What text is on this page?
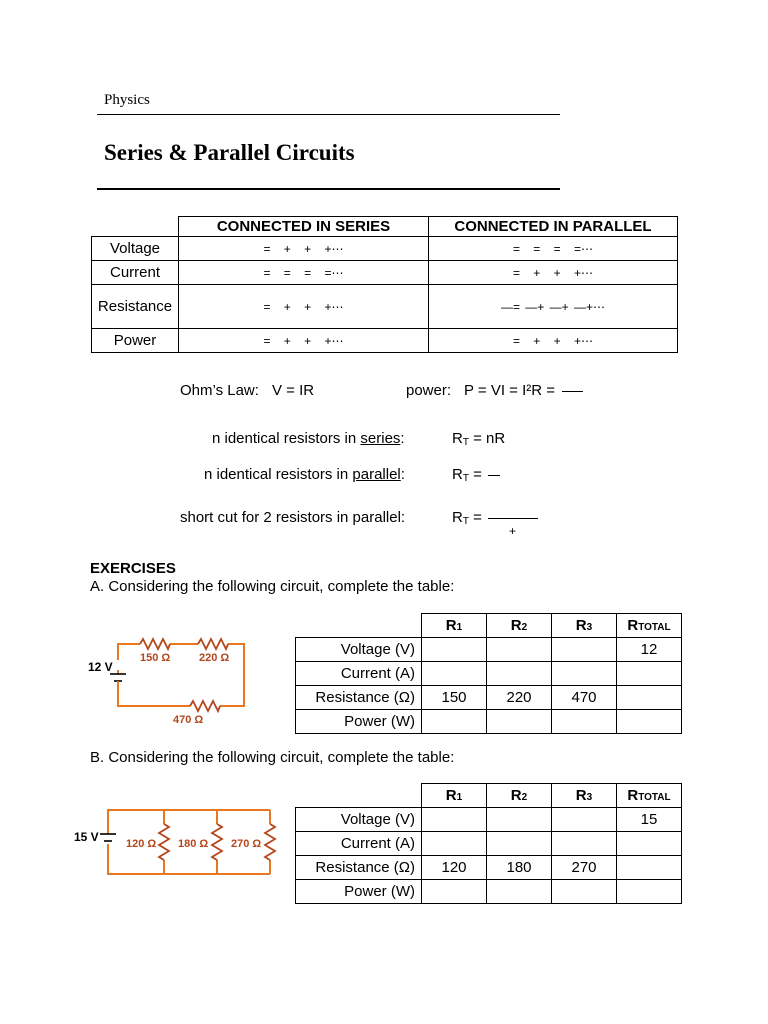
Physics
Series & Parallel Circuits
	CONNECTED IN SERIES	CONNECTED IN PARALLEL
Voltage	= + + +⋯	= = = =⋯
Current	= = = =⋯	= + + +⋯
Resistance	= + + +⋯	—= —+ —+ —+⋯
Power	= + + +⋯	= + + +⋯
Ohm’s Law: V = IR	power: P = VI = I²R =
n identical resistors in series:	$R_T$ = nR
n identical resistors in parallel:	$R_T$ =
short cut for 2 resistors in parallel:	$R_T$ =
+
EXERCISES
A. Considering the following circuit, complete the table:
12 V
150 Ω	220 Ω
470 Ω
	R1	R2	R3	RTOTAL
Voltage (V)				12
Current (A)				
Resistance (Ω)	150	220	470	
Power (W)				
B. Considering the following circuit, complete the table:
15 V 120 Ω 180 Ω 270 Ω
	R1	R2	R3	RTOTAL
Voltage (V)				15
Current (A)				
Resistance (Ω)	120	180	270	
Power (W)				
